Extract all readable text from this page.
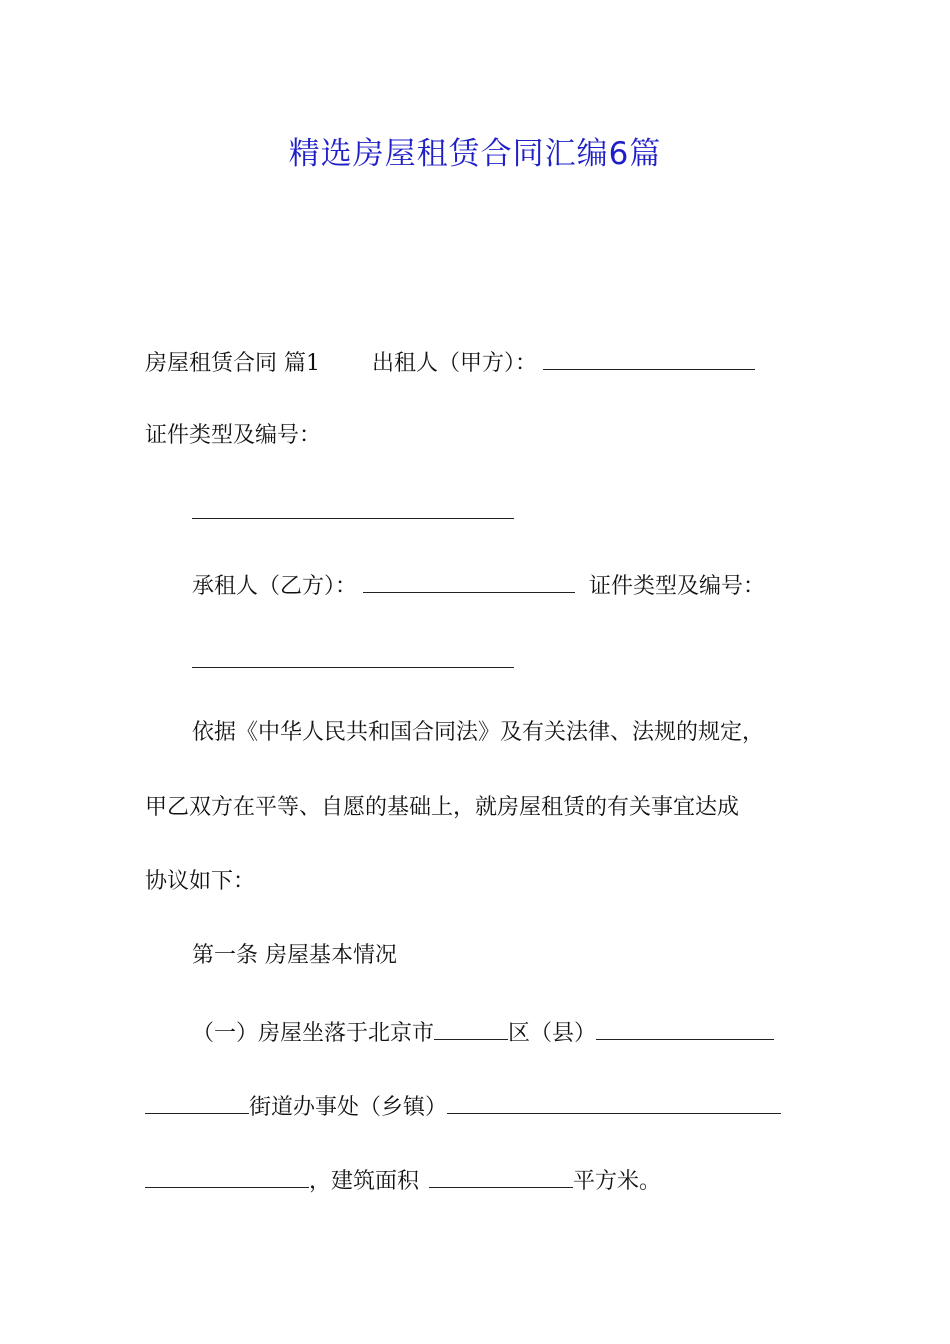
精选房屋租赁合同汇编6篇
房屋租赁合同 篇1 出租人（甲方）：
证件类型及编号：
承租人（乙方）：	证件类型及编号：
依据《中华人民共和国合同法》及有关法律、法规的规定，
甲乙双方在平等、自愿的基础上，就房屋租赁的有关事宜达成
协议如下：
第一条 房屋基本情况
（一）房屋坐落于北京市	区（县）
街道办事处（乡镇）
，建筑面积	平方米。
